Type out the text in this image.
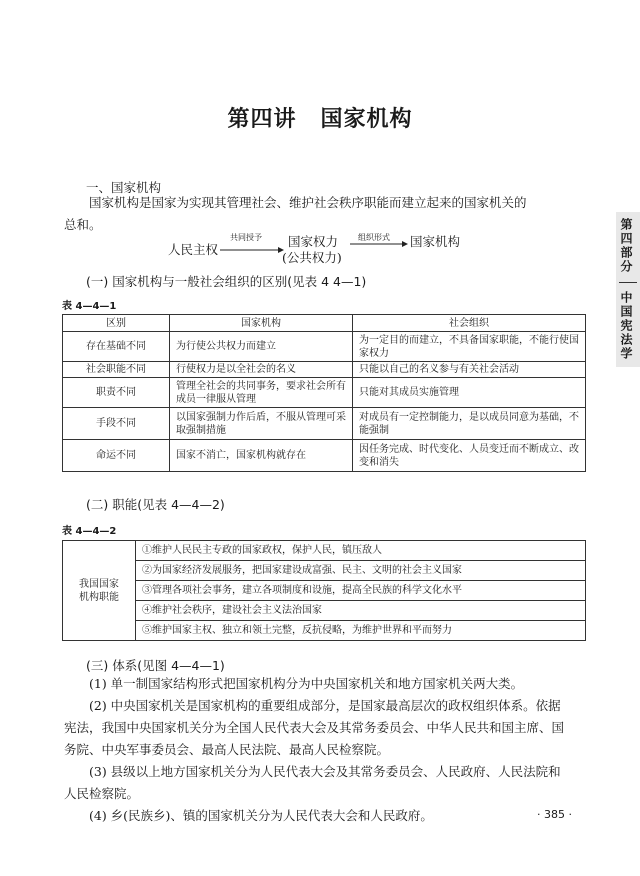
第四讲 国家机构
一、国家机构
国家机构是国家为实现其管理社会、维护社会秩序职能而建立起来的国家机关的
总和。
人民主权
共同授予 国家权力
(公共权力)
组织形式 国家机构
(一) 国家机构与一般社会组织的区别(见表 4 4—1)
表 4—4—1
区别	国家机构	社会组织
存在基础不同	为行使公共权力而建立	为一定目的而建立，不具备国家职能，不能行使国家权力
社会职能不同	行使权力是以全社会的名义	只能以自己的名义参与有关社会活动
职责不同	管理全社会的共同事务，要求社会所有成员一律服从管理	只能对其成员实施管理
手段不同	以国家强制力作后盾，不服从管理可采取强制措施	对成员有一定控制能力，是以成员同意为基础，不能强制
命运不同	国家不消亡，国家机构就存在	因任务完成、时代变化、人员变迁而不断成立、改变和消失
(二) 职能(见表 4—4—2)
表 4—4—2
我国国家
机构职能
	①维护人民民主专政的国家政权，保护人民，镇压敌人
②为国家经济发展服务，把国家建设成富强、民主、文明的社会主义国家
③管理各项社会事务，建立各项制度和设施，提高全民族的科学文化水平
④维护社会秩序，建设社会主义法治国家
⑤维护国家主权、独立和领土完整，反抗侵略，为维护世界和平而努力
(三) 体系(见图 4—4—1)
(1) 单一制国家结构形式把国家机构分为中央国家机关和地方国家机关两大类。
(2) 中央国家机关是国家机构的重要组成部分，是国家最高层次的政权组织体系。依据
宪法，我国中央国家机关分为全国人民代表大会及其常务委员会、中华人民共和国主席、国
务院、中央军事委员会、最高人民法院、最高人民检察院。
(3) 县级以上地方国家机关分为人民代表大会及其常务委员会、人民政府、人民法院和
人民检察院。
(4) 乡(民族乡)、镇的国家机关分为人民代表大会和人民政府。
第四部分
中国宪法学
· 385 ·
